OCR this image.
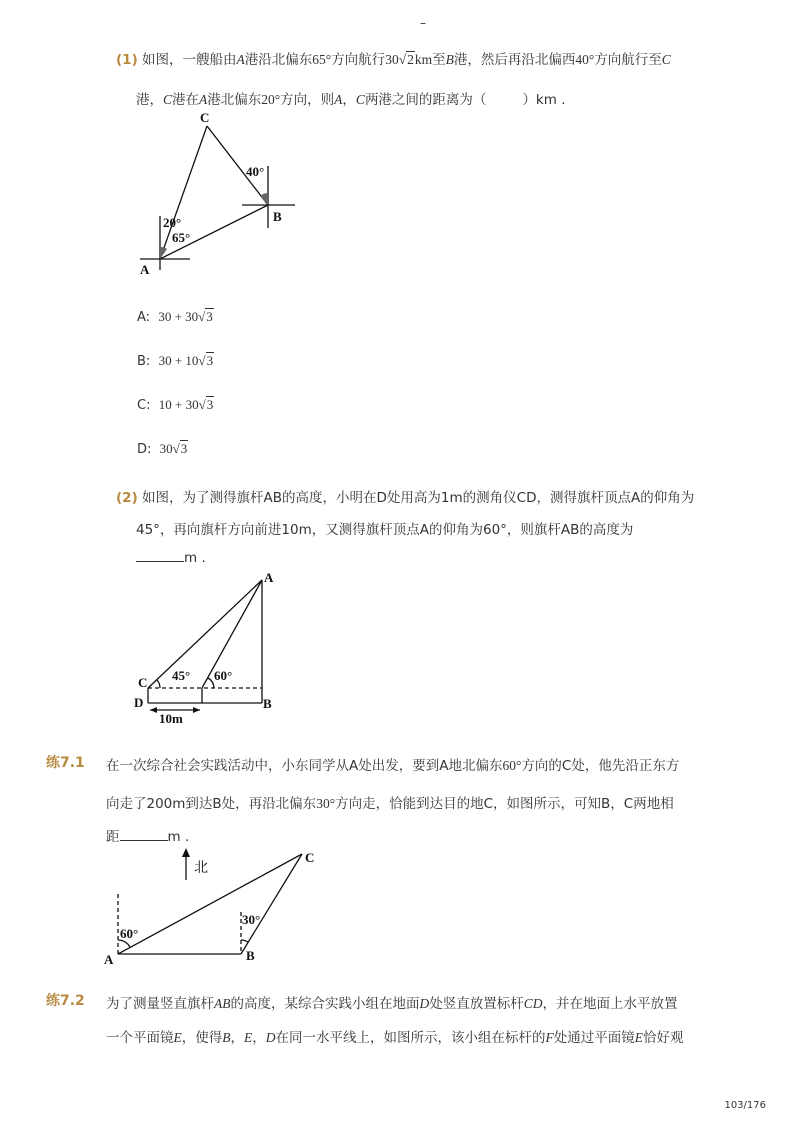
–
(1) 如图，一艘船由A港沿北偏东65°方向航行30√2km至B港，然后再沿北偏西40°方向航行至C
港，C港在A港北偏东20°方向，则A，C两港之间的距离为（	）km .
C
B
A
40°
20°
65°
A: 30 + 30√3
B: 30 + 10√3
C: 10 + 30√3
D: 30√3
(2) 如图，为了测得旗杆AB的高度，小明在D处用高为1m的测角仪CD，测得旗杆顶点A的仰角为
45°，再向旗杆方向前进10m，又测得旗杆顶点A的仰角为60°，则旗杆AB的高度为
m .
A
C
D	B
45° 60°
10m
练7.1 在一次综合社会实践活动中，小东同学从A处出发，要到A地北偏东60°方向的C处，他先沿正东方
向走了200m到达B处，再沿北偏东30°方向走，恰能到达目的地C，如图所示，可知B，C两地相
距	m .
北
C
A	B
60°
30°
练7.2 为了测量竖直旗杆AB的高度，某综合实践小组在地面D处竖直放置标杆CD，并在地面上水平放置
一个平面镜E，使得B，E，D在同一水平线上，如图所示，该小组在标杆的F处通过平面镜E恰好观
103/176
